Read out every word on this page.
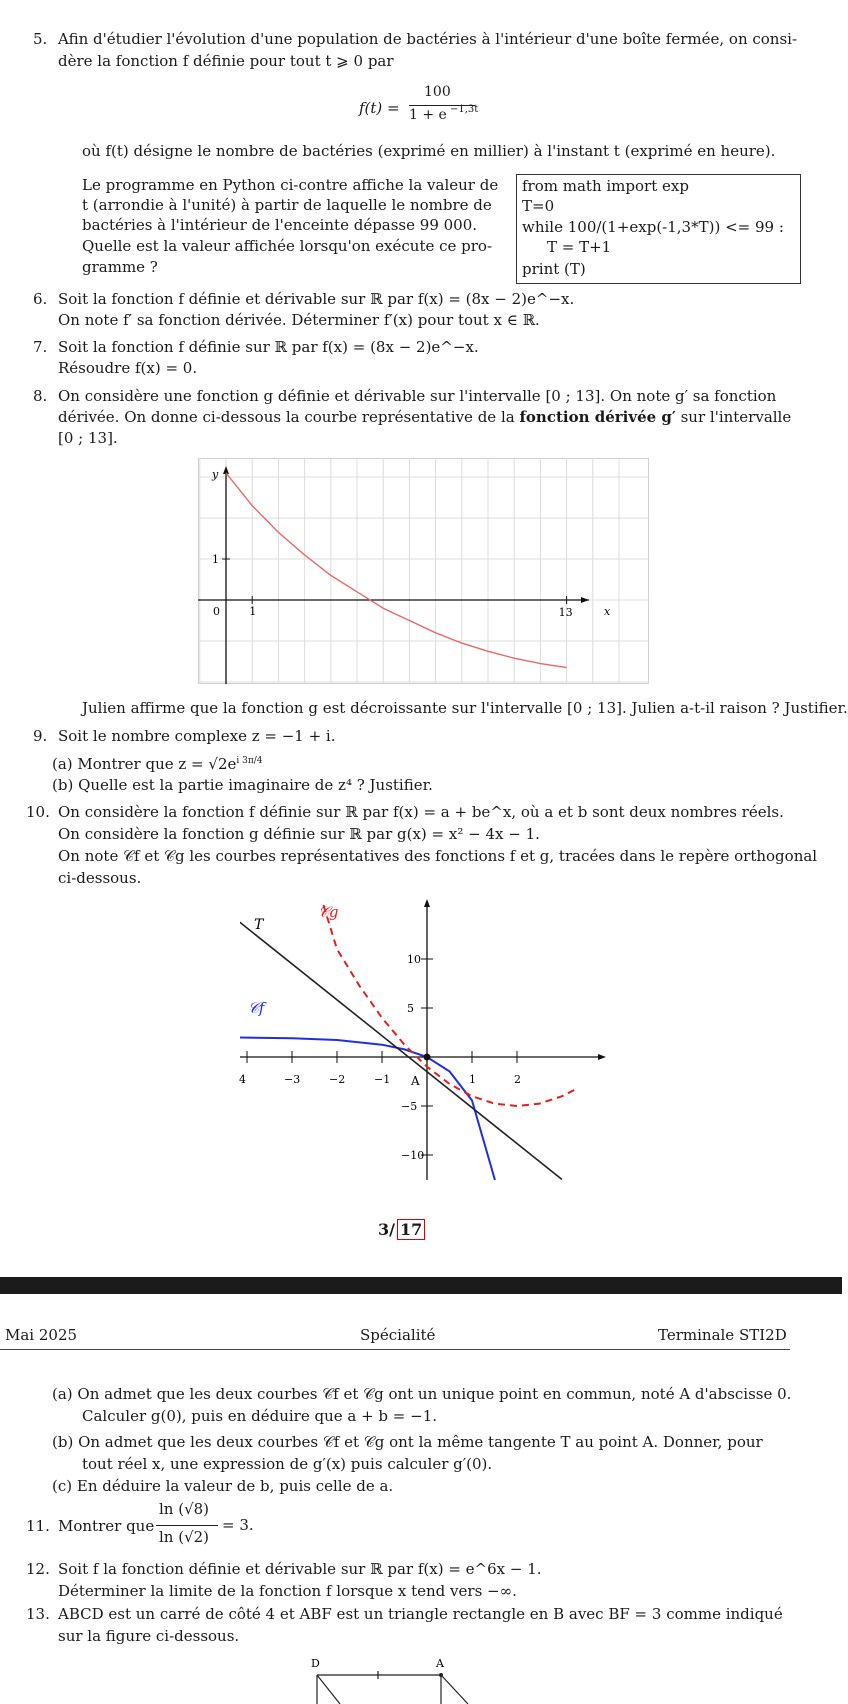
5. Afin d'étudier l'évolution d'une population de bactéries à l'intérieur d'une boîte fermée, on consi-
dère la fonction f définie pour tout t ⩾ 0 par
f(t) =
100
1 + e −1,3t
où f(t) désigne le nombre de bactéries (exprimé en millier) à l'instant t (exprimé en heure).
Le programme en Python ci-contre affiche la valeur de
t (arrondie à l'unité) à partir de laquelle le nombre de
bactéries à l'intérieur de l'enceinte dépasse 99 000.
Quelle est la valeur affichée lorsqu'on exécute ce pro-
gramme ?
from math import exp
T=0
while 100/(1+exp(-1,3*T)) <= 99 :
T = T+1
print (T)
6. Soit la fonction f définie et dérivable sur ℝ par f(x) = (8x − 2)e^−x.
On note f′ sa fonction dérivée. Déterminer f′(x) pour tout x ∈ ℝ.
7. Soit la fonction f définie sur ℝ par f(x) = (8x − 2)e^−x.
Résoudre f(x) = 0.
8. On considère une fonction g définie et dérivable sur l'intervalle [0 ; 13]. On note g′ sa fonction
dérivée. On donne ci-dessous la courbe représentative de la fonction dérivée g′ sur l'intervalle
[0 ; 13].
0	1	13
1
x
y
Julien affirme que la fonction g est décroissante sur l'intervalle [0 ; 13]. Julien a-t-il raison ? Justifier.
9. Soit le nombre complexe z = −1 + i.
(a) Montrer que $z = √2e^{i 3\pi/4}$
(b) Quelle est la partie imaginaire de z⁴ ? Justifier.
10. On considère la fonction f définie sur ℝ par f(x) = a + be^x, où a et b sont deux nombres réels.
On considère la fonction g définie sur ℝ par g(x) = x² − 4x − 1.
On note 𝒞f et 𝒞g les courbes représentatives des fonctions f et g, tracées dans le repère orthogonal
ci-dessous.
4	−3	−2	−1	1	2
10
5
−5
−10
A
T
𝒞g
𝒞f
3/ 17
Mai 2025	Spécialité	Terminale STI2D
(a) On admet que les deux courbes 𝒞f et 𝒞g ont un unique point en commun, noté A d'abscisse 0.
Calculer g(0), puis en déduire que a + b = −1.
(b) On admet que les deux courbes 𝒞f et 𝒞g ont la même tangente T au point A. Donner, pour
tout réel x, une expression de g′(x) puis calculer g′(0).
(c) En déduire la valeur de b, puis celle de a.
11. Montrer que
ln (√8)
ln (√2)
= 3.
12. Soit f la fonction définie et dérivable sur ℝ par f(x) = e^6x − 1.
Déterminer la limite de la fonction f lorsque x tend vers −∞.
13. ABCD est un carré de côté 4 et ABF est un triangle rectangle en B avec BF = 3 comme indiqué
sur la figure ci-dessous.
D	A
